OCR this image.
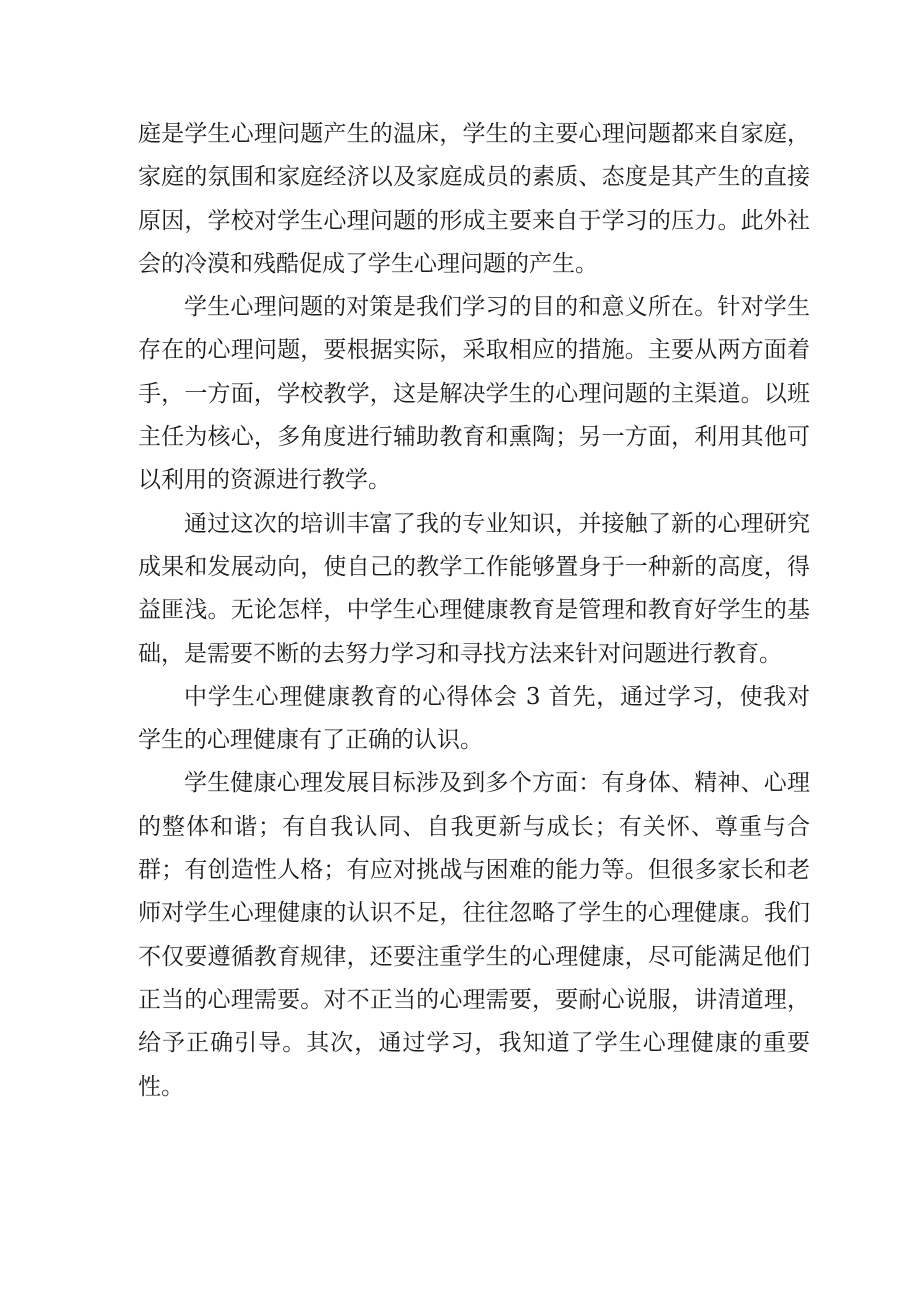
庭是学生心理问题产生的温床，学生的主要心理问题都来自家庭，家庭的氛围和家庭经济以及家庭成员的素质、态度是其产生的直接原因，学校对学生心理问题的形成主要来自于学习的压力。此外社会的冷漠和残酷促成了学生心理问题的产生。

学生心理问题的对策是我们学习的目的和意义所在。针对学生存在的心理问题，要根据实际，采取相应的措施。主要从两方面着手，一方面，学校教学，这是解决学生的心理问题的主渠道。以班主任为核心，多角度进行辅助教育和熏陶；另一方面，利用其他可以利用的资源进行教学。

通过这次的培训丰富了我的专业知识，并接触了新的心理研究成果和发展动向，使自己的教学工作能够置身于一种新的高度，得益匪浅。无论怎样，中学生心理健康教育是管理和教育好学生的基础，是需要不断的去努力学习和寻找方法来针对问题进行教育。

中学生心理健康教育的心得体会 3 首先，通过学习，使我对学生的心理健康有了正确的认识。

学生健康心理发展目标涉及到多个方面：有身体、精神、心理的整体和谐；有自我认同、自我更新与成长；有关怀、尊重与合群；有创造性人格；有应对挑战与困难的能力等。但很多家长和老师对学生心理健康的认识不足，往往忽略了学生的心理健康。我们不仅要遵循教育规律，还要注重学生的心理健康，尽可能满足他们正当的心理需要。对不正当的心理需要，要耐心说服，讲清道理，给予正确引导。其次，通过学习，我知道了学生心理健康的重要性。
